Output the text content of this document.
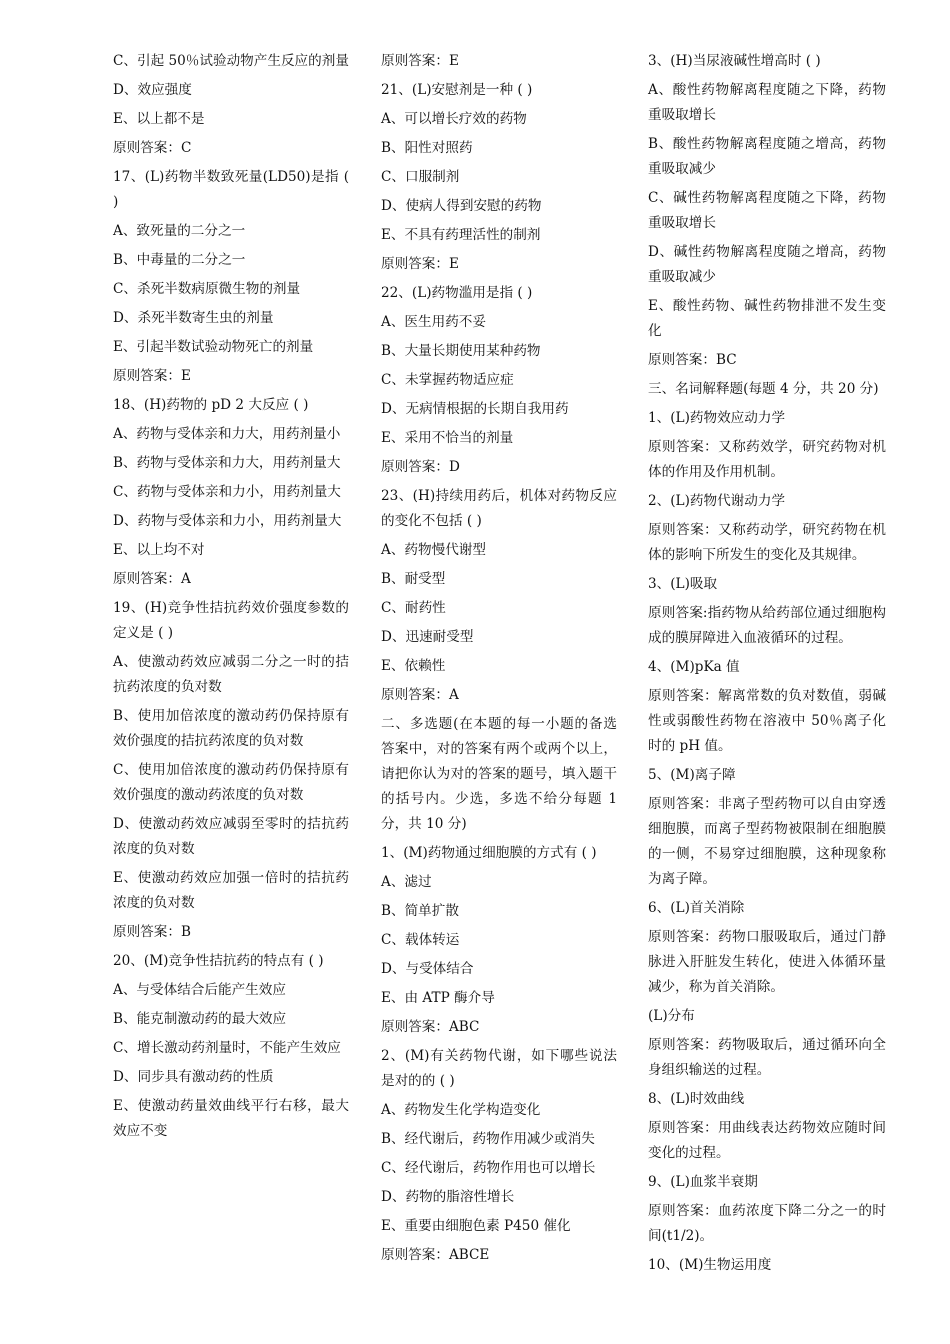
C、引起 50％试验动物产生反应的剂量

D、效应强度

E、以上都不是

原则答案：C

17、(L)药物半数致死量(LD50)是指 ( )

A、致死量的二分之一

B、中毒量的二分之一

C、杀死半数病原微生物的剂量

D、杀死半数寄生虫的剂量

E、引起半数试验动物死亡的剂量

原则答案：E

18、(H)药物的 pD 2 大反应 ( )

A、药物与受体亲和力大，用药剂量小

B、药物与受体亲和力大，用药剂量大

C、药物与受体亲和力小，用药剂量大

D、药物与受体亲和力小，用药剂量大

E、以上均不对

原则答案：A

19、(H)竞争性拮抗药效价强度参数的定义是 ( )

A、使激动药效应减弱二分之一时的拮抗药浓度的负对数

B、使用加倍浓度的激动药仍保持原有效价强度的拮抗药浓度的负对数

C、使用加倍浓度的激动药仍保持原有效价强度的激动药浓度的负对数

D、使激动药效应减弱至零时的拮抗药浓度的负对数

E、使激动药效应加强一倍时的拮抗药浓度的负对数

原则答案：B

20、(M)竞争性拮抗药的特点有 ( )

A、与受体结合后能产生效应

B、能克制激动药的最大效应

C、增长激动药剂量时，不能产生效应

D、同步具有激动药的性质

E、使激动药量效曲线平行右移，最大效应不变

原则答案：E

21、(L)安慰剂是一种 ( )

A、可以增长疗效的药物

B、阳性对照药

C、口服制剂

D、使病人得到安慰的药物

E、不具有药理活性的制剂

原则答案：E

22、(L)药物滥用是指 ( )

A、医生用药不妥

B、大量长期使用某种药物

C、未掌握药物适应症

D、无病情根据的长期自我用药

E、采用不恰当的剂量

原则答案：D

23、(H)持续用药后，机体对药物反应的变化不包括 ( )

A、药物慢代谢型

B、耐受型

C、耐药性

D、迅速耐受型

E、依赖性

原则答案：A

二、多选题(在本题的每一小题的备选答案中，对的答案有两个或两个以上，请把你认为对的答案的题号，填入题干的括号内。少选，多选不给分每题 1 分，共 10 分)

1、(M)药物通过细胞膜的方式有 ( )

A、滤过

B、简单扩散

C、载体转运

D、与受体结合

E、由 ATP 酶介导

原则答案：ABC

2、(M)有关药物代谢，如下哪些说法是对的的 ( )

A、药物发生化学构造变化

B、经代谢后，药物作用减少或消失

C、经代谢后，药物作用也可以增长

D、药物的脂溶性增长

E、重要由细胞色素 P450 催化

原则答案：ABCE

3、(H)当尿液碱性增高时 ( )

A、酸性药物解离程度随之下降，药物重吸取增长

B、酸性药物解离程度随之增高，药物重吸取减少

C、碱性药物解离程度随之下降，药物重吸取增长

D、碱性药物解离程度随之增高，药物重吸取减少

E、酸性药物、碱性药物排泄不发生变化

原则答案：BC

三、名词解释题(每题 4 分，共 20 分)

1、(L)药物效应动力学

原则答案：又称药效学，研究药物对机体的作用及作用机制。

2、(L)药物代谢动力学

原则答案：又称药动学，研究药物在机体的影响下所发生的变化及其规律。

3、(L)吸取

原则答案:指药物从给药部位通过细胞构成的膜屏障进入血液循环的过程。

4、(M)pKa 值

原则答案：解离常数的负对数值，弱碱性或弱酸性药物在溶液中 50％离子化时的 pH 值。

5、(M)离子障

原则答案：非离子型药物可以自由穿透细胞膜，而离子型药物被限制在细胞膜的一侧，不易穿过细胞膜，这种现象称为离子障。

6、(L)首关消除

原则答案：药物口服吸取后，通过门静脉进入肝脏发生转化，使进入体循环量减少，称为首关消除。

(L)分布

原则答案：药物吸取后，通过循环向全身组织输送的过程。

8、(L)时效曲线

原则答案：用曲线表达药物效应随时间变化的过程。

9、(L)血浆半衰期

原则答案：血药浓度下降二分之一的时间(t1/2)。

10、(M)生物运用度
